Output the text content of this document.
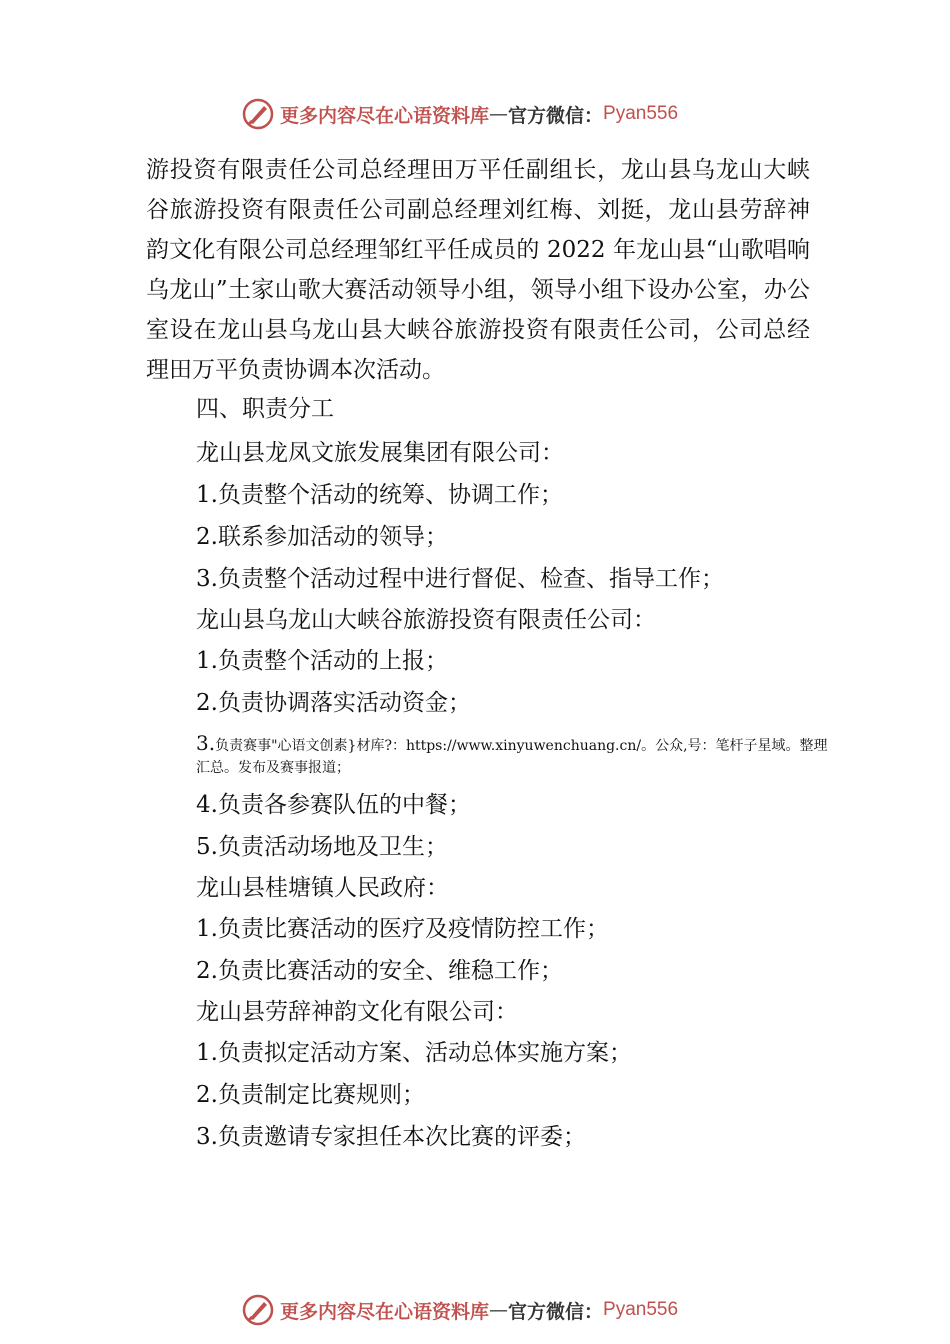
更多内容尽在心语资料库 — 官方微信： Pyan556

游投资有限责任公司总经理田万平任副组长，龙山县乌龙山大峡谷旅游投资有限责任公司副总经理刘红梅、刘挺，龙山县劳辞神韵文化有限公司总经理邹红平任成员的 2022 年龙山县“山歌唱响乌龙山”土家山歌大赛活动领导小组，领导小组下设办公室，办公室设在龙山县乌龙山县大峡谷旅游投资有限责任公司，公司总经理田万平负责协调本次活动。

四、职责分工
龙山县龙凤文旅发展集团有限公司：
1.负责整个活动的统筹、协调工作；
2.联系参加活动的领导；
3.负责整个活动过程中进行督促、检查、指导工作；
龙山县乌龙山大峡谷旅游投资有限责任公司：
1.负责整个活动的上报；
2.负责协调落实活动资金；
3.负责赛事"心语文创素}材库?：https://www.xinyuwenchuang.cn/。公众,号：笔杆子星域。整理汇总。发布及赛事报道；
4.负责各参赛队伍的中餐；
5.负责活动场地及卫生；
龙山县桂塘镇人民政府：
1.负责比赛活动的医疗及疫情防控工作；
2.负责比赛活动的安全、维稳工作；
龙山县劳辞神韵文化有限公司：
1.负责拟定活动方案、活动总体实施方案；
2.负责制定比赛规则；
3.负责邀请专家担任本次比赛的评委；
更多内容尽在心语资料库 — 官方微信： Pyan556
